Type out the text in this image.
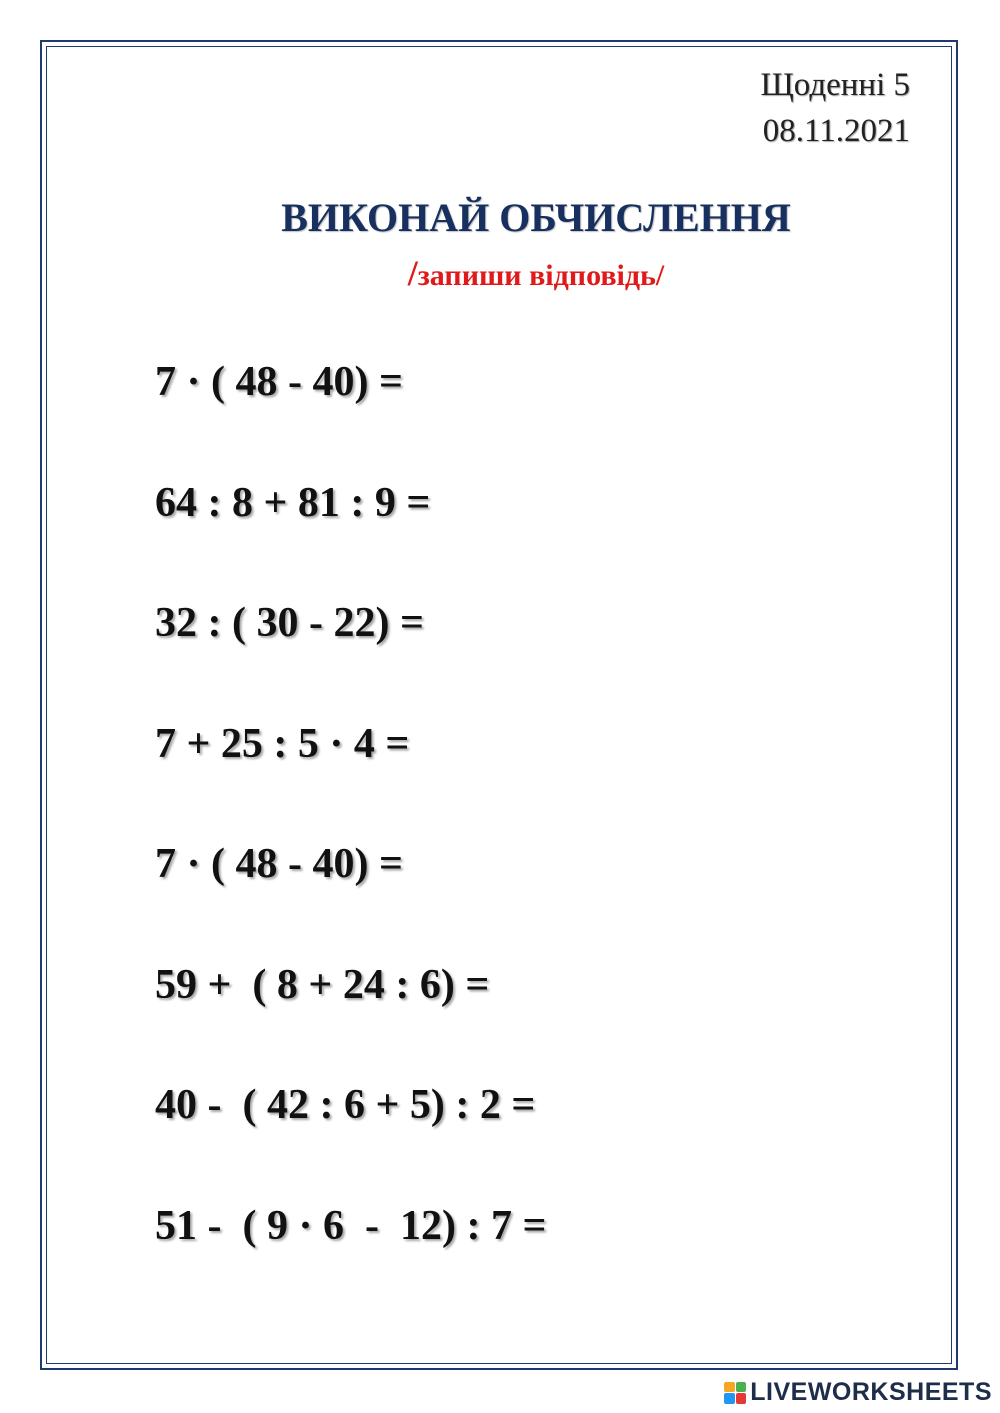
Щоденні 5
08.11.2021
ВИКОНАЙ ОБЧИСЛЕННЯ
/запиши відповідь/
7 · ( 48 - 40) =
64 : 8 + 81 : 9 =
32 : ( 30 - 22) =
7 + 25 : 5 · 4 =
7 · ( 48 - 40) =
59 +  ( 8 + 24 : 6) =
40 -  ( 42 : 6 + 5) : 2 =
51 -  ( 9 · 6  -  12) : 7 =
LIVEWORKSHEETS
